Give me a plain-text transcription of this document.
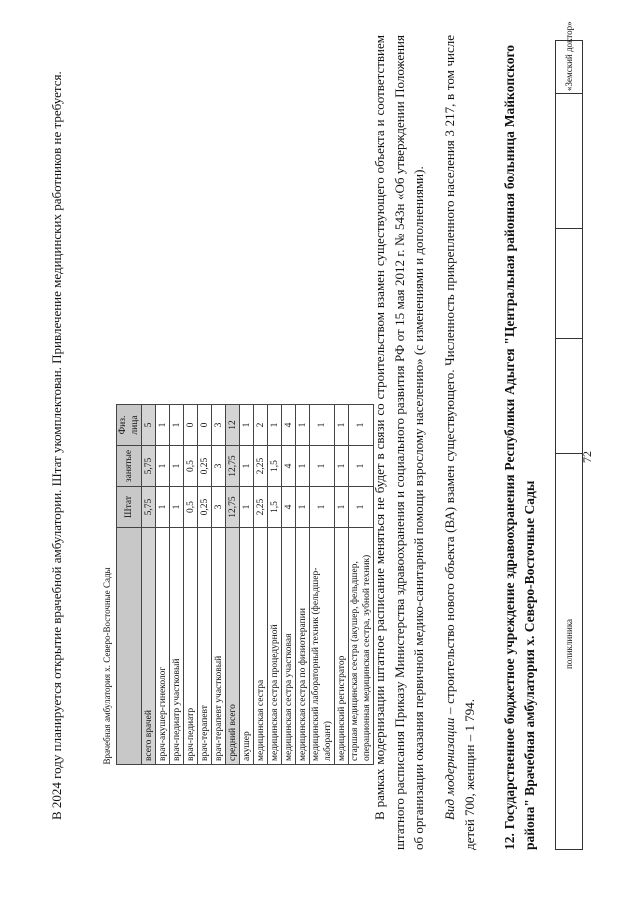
поликлиника
«Земский доктор»
12. Государственное бюджетное учреждение здравоохранения Республики Адыгея "Центральная районная больница Майкопского района" Врачебная амбулатория х. Северо-Восточные Сады
Вид модернизации – строительство нового объекта (ВА) взамен существующего. Численность прикрепленного населения 3 217, в том числе детей 700, женщин – 1 794.
В рамках модернизации штатное расписание меняться не будет в связи со строительством взамен существующего объекта и соответствием штатного расписания Приказу Министерства здравоохранения и социального развития РФ от 15 мая 2012 г. № 543н «Об утверждении Положения об организации оказания первичной медико-санитарной помощи взрослому населению» (с изменениями и дополнениями).
Врачебная амбулатория х. Северо-Восточные Сады			
	Штат	занятые	Физ. лица
всего врачей	5,75	5,75	5
врач-акушер-гинеколог	1	1	1
врач-педиатр участковый	1	1	1
врач-педиатр	0,5	0,5	0
врач-терапевт	0,25	0,25	0
врач-терапевт участковый	3	3	3
средний всего	12,75	12,75	12
акушер	1	1	1
медицинская сестра	2,25	2,25	2
медицинская сестра процедурной	1,5	1,5	1
медицинская сестра участковая	4	4	4
медицинская сестра по физиотерапии	1	1	1
медицинский лабораторный техник (фельдшер-лаборант)	1	1	1
медицинский регистратор	1	1	1
старшая медицинская сестра (акушер, фельдшер, операционная медицинская сестра, зубной техник)	1	1	1
В 2024 году планируется открытие врачебной амбулатории. Штат укомплектован. Привлечение медицинских работников не требуется.	72
